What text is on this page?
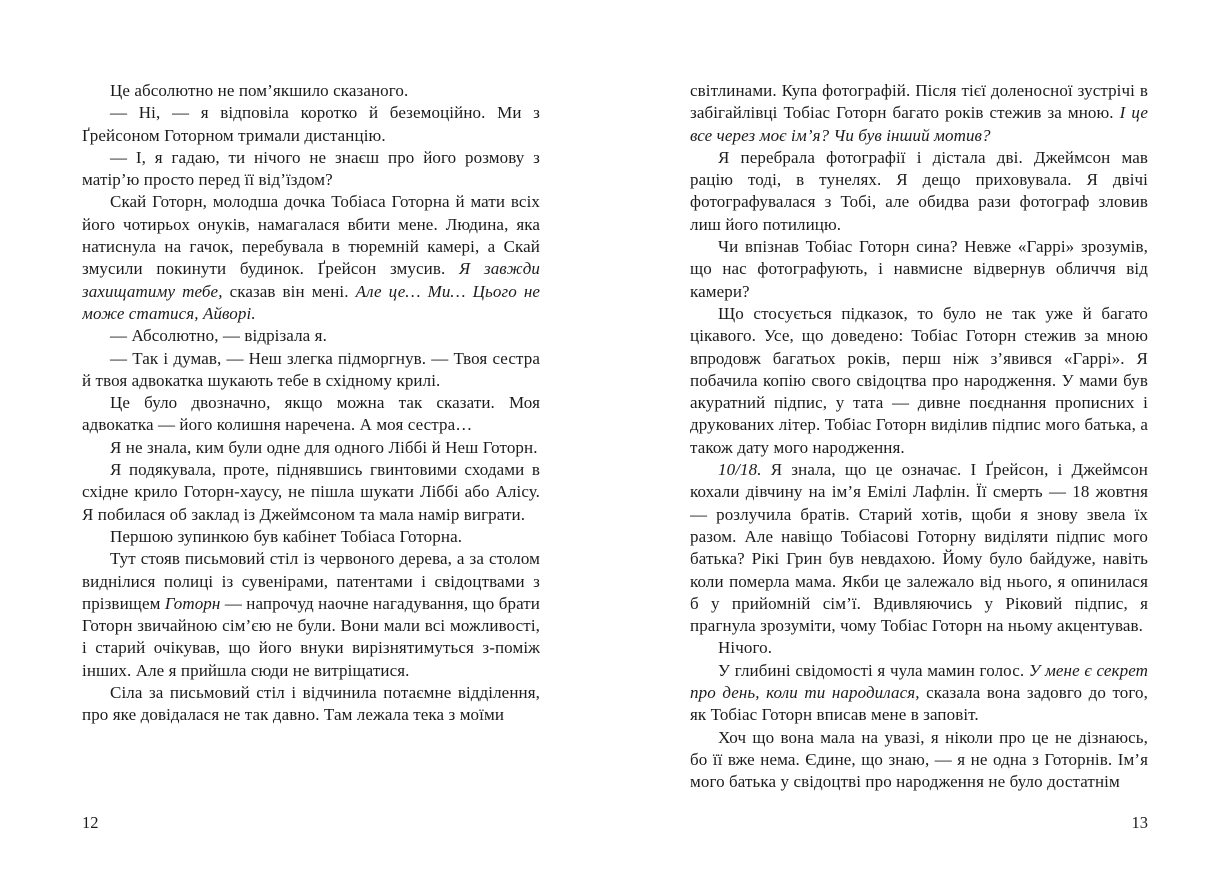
Це абсолютно не пом’якшило сказаного.

— Ні, — я відповіла коротко й беземоційно. Ми з Ґрейсоном Готорном тримали дистанцію.

— І, я гадаю, ти нічого не знаєш про його розмову з матір’ю просто перед її від’їздом?

Скай Готорн, молодша дочка Тобіаса Готорна й мати всіх його чотирьох онуків, намагалася вбити мене. Людина, яка натиснула на гачок, перебувала в тюремній камері, а Скай змусили покинути будинок. Ґрейсон змусив. Я завжди захищатиму тебе, сказав він мені. Але це… Ми… Цього не може статися, Айворі.

— Абсолютно, — відрізала я.

— Так і думав, — Неш злегка підморгнув. — Твоя сестра й твоя адвокатка шукають тебе в східному крилі.

Це було двозначно, якщо можна так сказати. Моя адвокатка — його колишня наречена. А моя сестра…

Я не знала, ким були одне для одного Ліббі й Неш Готорн.

Я подякувала, проте, піднявшись гвинтовими сходами в східне крило Готорн-хаусу, не пішла шукати Ліббі або Алісу. Я побилася об заклад із Джеймсоном та мала намір виграти.

Першою зупинкою був кабінет Тобіаса Готорна.

Тут стояв письмовий стіл із червоного дерева, а за столом виднілися полиці із сувенірами, патентами і свідоцтвами з прізвищем Готорн — напрочуд наочне нагадування, що брати Готорн звичайною сім’єю не були. Вони мали всі можливості, і старий очікував, що його внуки вирізнятимуться з-поміж інших. Але я прийшла сюди не витріщатися.

Сіла за письмовий стіл і відчинила потаємне відділення, про яке довідалася не так давно. Там лежала тека з моїми

12

світлинами. Купа фотографій. Після тієї доленосної зустрічі в забігайлівці Тобіас Готорн багато років стежив за мною. І це все через моє ім’я? Чи був інший мотив?

Я перебрала фотографії і дістала дві. Джеймсон мав рацію тоді, в тунелях. Я дещо приховувала. Я двічі фотографувалася з Тобі, але обидва рази фотограф зловив лиш його потилицю.

Чи впізнав Тобіас Готорн сина? Невже «Гаррі» зрозумів, що нас фотографують, і навмисне відвернув обличчя від камери?

Що стосується підказок, то було не так уже й багато цікавого. Усе, що доведено: Тобіас Готорн стежив за мною впродовж багатьох років, перш ніж з’явився «Гаррі». Я побачила копію свого свідоцтва про народження. У мами був акуратний підпис, у тата — дивне поєднання прописних і друкованих літер. Тобіас Готорн виділив підпис мого батька, а також дату мого народження.

10/18. Я знала, що це означає. І Ґрейсон, і Джеймсон кохали дівчину на ім’я Емілі Лафлін. Її смерть — 18 жовтня — розлучила братів. Старий хотів, щоби я знову звела їх разом. Але навіщо Тобіасові Готорну виділяти підпис мого батька? Рікі Грин був невдахою. Йому було байдуже, навіть коли померла мама. Якби це залежало від нього, я опинилася б у прийомній сім’ї. Вдивляючись у Ріковий підпис, я прагнула зрозуміти, чому Тобіас Готорн на ньому акцентував.

Нічого.

У глибині свідомості я чула мамин голос. У мене є секрет про день, коли ти народилася, сказала вона задовго до того, як Тобіас Готорн вписав мене в заповіт.

Хоч що вона мала на увазі, я ніколи про це не дізнаюсь, бо її вже нема. Єдине, що знаю, — я не одна з Готорнів. Ім’я мого батька у свідоцтві про народження не було достатнім

13
